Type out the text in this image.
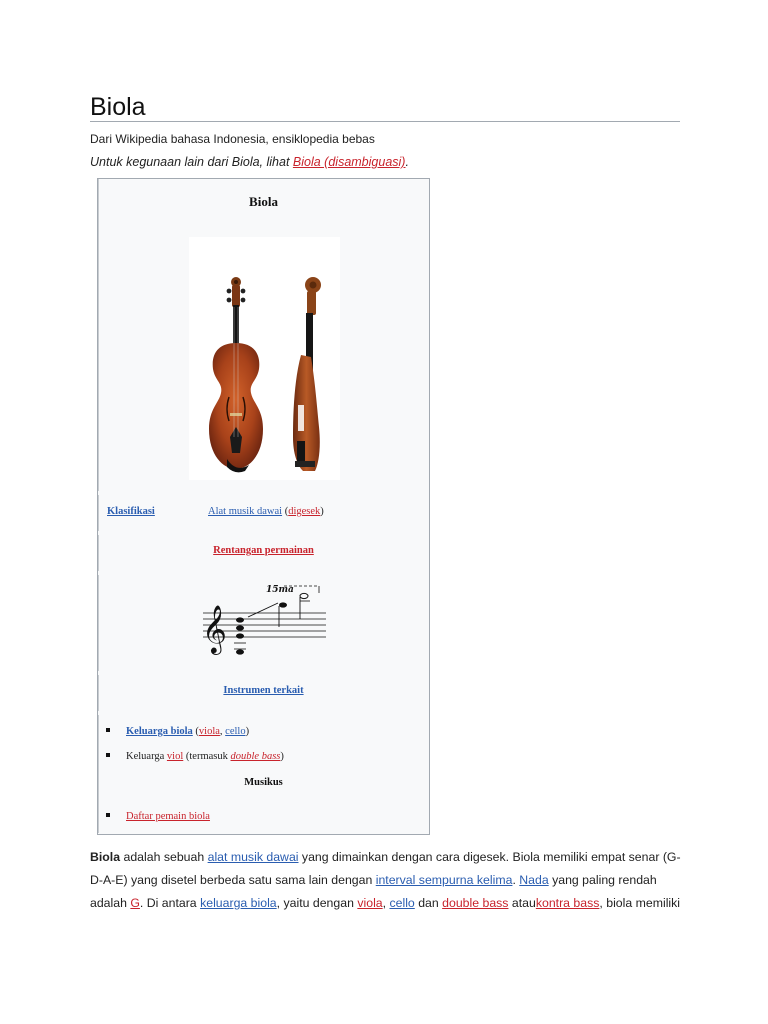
Biola
Dari Wikipedia bahasa Indonesia, ensiklopedia bebas
Untuk kegunaan lain dari Biola, lihat Biola (disambiguasi).
Biola
Klasifikasi	Alat musik dawai (digesek)
Rentangan permainan
𝄞
15ma
Instrumen terkait
Keluarga biola (viola, cello)
Keluarga viol (termasuk double bass)
Musikus
Daftar pemain biola
Biola adalah sebuah alat musik dawai yang dimainkan dengan cara digesek. Biola memiliki empat senar (G-D-A-E) yang disetel berbeda satu sama lain dengan interval sempurna kelima. Nada yang paling rendah adalah G. Di antara keluarga biola, yaitu dengan viola, cello dan double bass ataukontra bass, biola memiliki
